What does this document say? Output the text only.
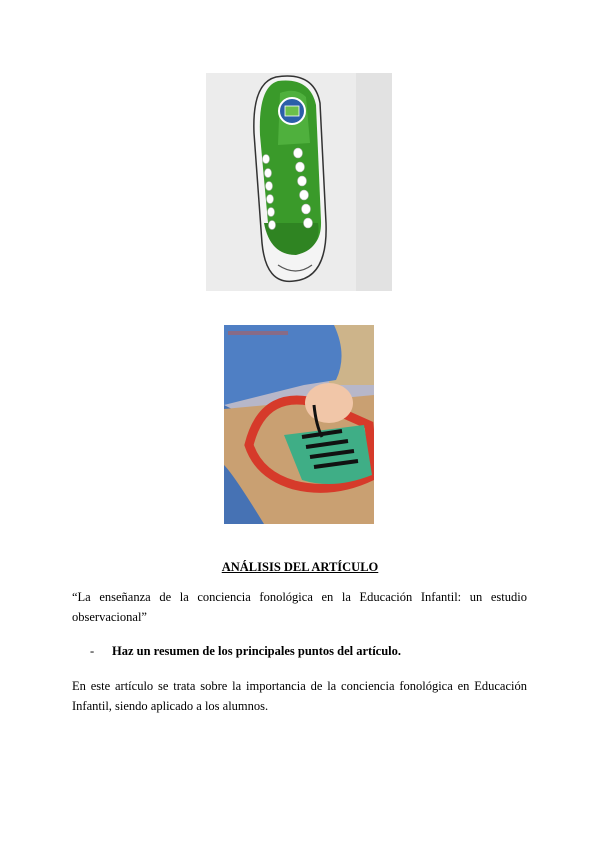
ANÁLISIS DEL ARTÍCULO
“La enseñanza de la conciencia fonológica en la Educación Infantil: un estudio
observacional”
- Haz un resumen de los principales puntos del artículo.
En este artículo se trata sobre la importancia de la conciencia fonológica en Educación
Infantil, siendo aplicado a los alumnos.
